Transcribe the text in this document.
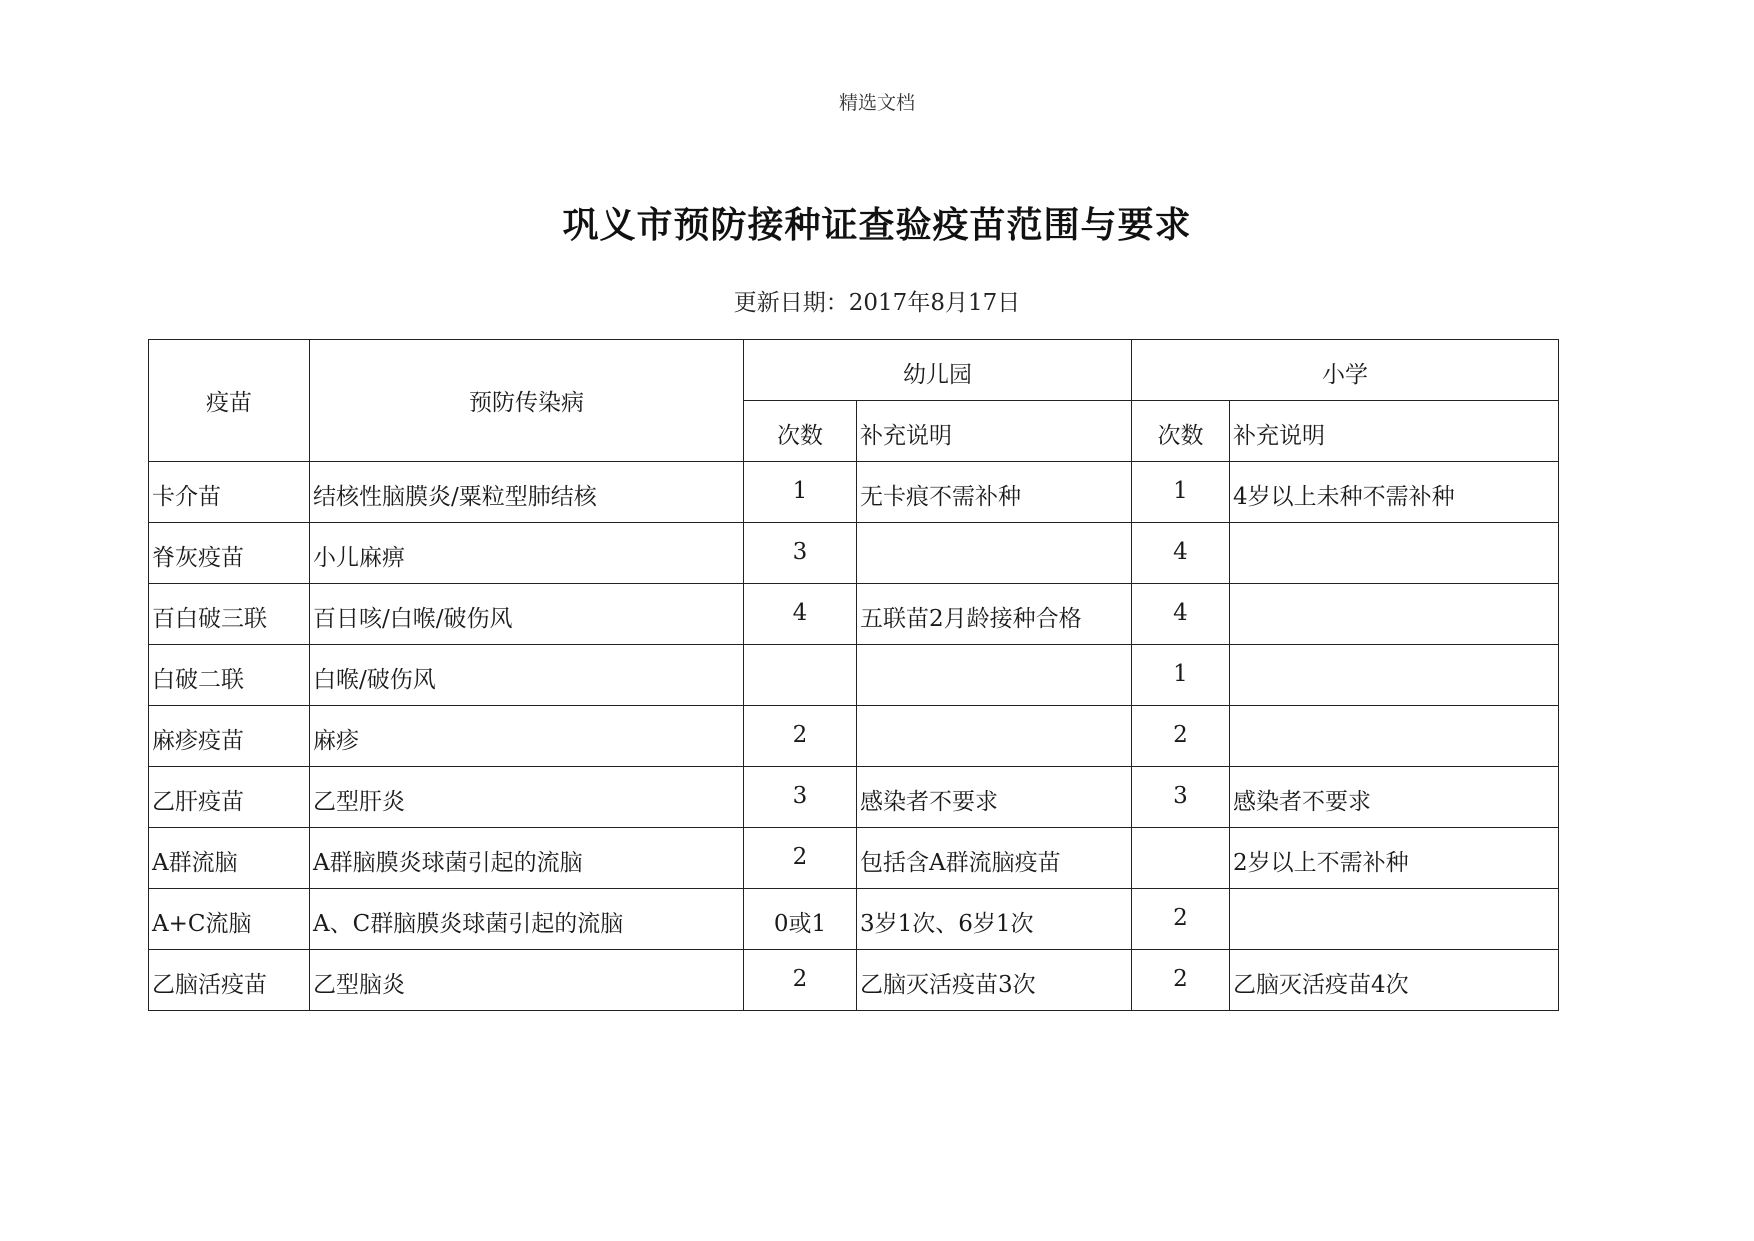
精选文档
巩义市预防接种证查验疫苗范围与要求
更新日期：2017年8月17日
疫苗	预防传染病	幼儿园		小学	
		次数	补充说明	次数	补充说明
卡介苗	结核性脑膜炎/粟粒型肺结核	1	无卡痕不需补种	1	4岁以上未种不需补种
脊灰疫苗	小儿麻痹	3		4	
百白破三联	百日咳/白喉/破伤风	4	五联苗2月龄接种合格	4	
白破二联	白喉/破伤风			1	
麻疹疫苗	麻疹	2		2	
乙肝疫苗	乙型肝炎	3	感染者不要求	3	感染者不要求
A群流脑	A群脑膜炎球菌引起的流脑	2	包括含A群流脑疫苗		2岁以上不需补种
A+C流脑	A、C群脑膜炎球菌引起的流脑	0或1	3岁1次、6岁1次	2	
乙脑活疫苗	乙型脑炎	2	乙脑灭活疫苗3次	2	乙脑灭活疫苗4次
